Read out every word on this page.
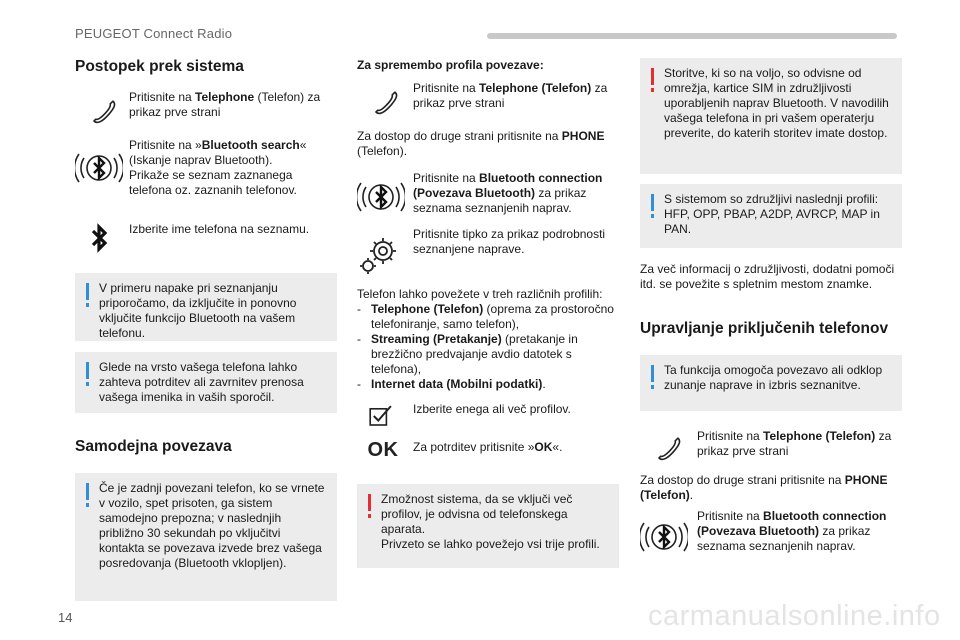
PEUGEOT Connect Radio
Postopek prek sistema
Pritisnite na Telephone (Telefon) za prikaz prve strani
Pritisnite na »Bluetooth search« (Iskanje naprav Bluetooth).
Prikaže se seznam zaznanega telefona oz. zaznanih telefonov.
Izberite ime telefona na seznamu.
V primeru napake pri seznanjanju priporočamo, da izključite in ponovno vključite funkcijo Bluetooth na vašem telefonu.
Glede na vrsto vašega telefona lahko zahteva potrditev ali zavrnitev prenosa vašega imenika in vaših sporočil.
Samodejna povezava
Če je zadnji povezani telefon, ko se vrnete v vozilo, spet prisoten, ga sistem samodejno prepozna; v naslednjih približno 30 sekundah po vključitvi kontakta se povezava izvede brez vašega posredovanja (Bluetooth vklopljen).
Za spremembo profila povezave:
Pritisnite na Telephone (Telefon) za prikaz prve strani
Za dostop do druge strani pritisnite na PHONE (Telefon).
Pritisnite na Bluetooth connection (Povezava Bluetooth) za prikaz seznama seznanjenih naprav.
Pritisnite tipko za prikaz podrobnosti seznanjene naprave.
Telefon lahko povežete v treh različnih profilih:
- Telephone (Telefon) (oprema za prostoročno telefoniranje, samo telefon),
- Streaming (Pretakanje) (pretakanje in brezžično predvajanje avdio datotek s telefona),
- Internet data (Mobilni podatki).
Izberite enega ali več profilov.
OK Za potrditev pritisnite »OK«.
Zmožnost sistema, da se vključi več profilov, je odvisna od telefonskega aparata.
Privzeto se lahko povežejo vsi trije profili.
Storitve, ki so na voljo, so odvisne od omrežja, kartice SIM in združljivosti uporabljenih naprav Bluetooth. V navodilih vašega telefona in pri vašem operaterju preverite, do katerih storitev imate dostop.
S sistemom so združljivi naslednji profili: HFP, OPP, PBAP, A2DP, AVRCP, MAP in PAN.
Za več informacij o združljivosti, dodatni pomoči itd. se povežite s spletnim mestom znamke.
Upravljanje priključenih telefonov
Ta funkcija omogoča povezavo ali odklop zunanje naprave in izbris seznanitve.
Pritisnite na Telephone (Telefon) za prikaz prve strani
Za dostop do druge strani pritisnite na PHONE (Telefon).
Pritisnite na Bluetooth connection (Povezava Bluetooth) za prikaz seznama seznanjenih naprav.
14	carmanualsonline.info
